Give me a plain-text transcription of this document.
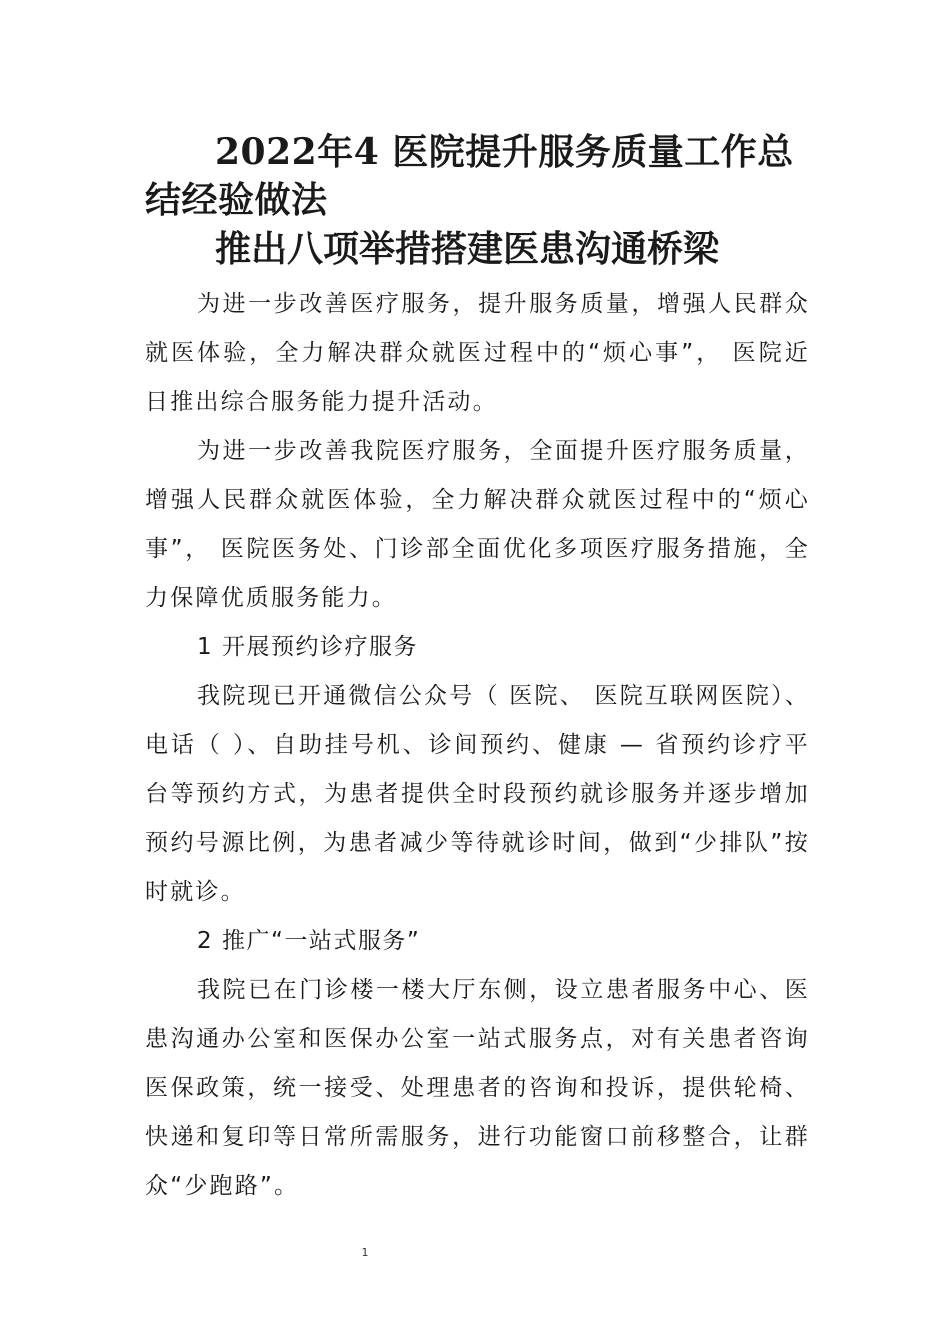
2022年4 医院提升服务质量工作总结经验做法
推出八项举措搭建医患沟通桥梁

为进一步改善医疗服务，提升服务质量，增强人民群众就医体验，全力解决群众就医过程中的“烦心事”， 医院近日推出综合服务能力提升活动。

为进一步改善我院医疗服务，全面提升医疗服务质量，增强人民群众就医体验，全力解决群众就医过程中的“烦心事”， 医院医务处、门诊部全面优化多项医疗服务措施，全力保障优质服务能力。

1 开展预约诊疗服务

我院现已开通微信公众号（ 医院、 医院互联网医院）、电话（ ）、自助挂号机、诊间预约、健康 — 省预约诊疗平台等预约方式，为患者提供全时段预约就诊服务并逐步增加预约号源比例，为患者减少等待就诊时间，做到“少排队”按时就诊。

2 推广“一站式服务”

我院已在门诊楼一楼大厅东侧，设立患者服务中心、医患沟通办公室和医保办公室一站式服务点，对有关患者咨询医保政策，统一接受、处理患者的咨询和投诉，提供轮椅、快递和复印等日常所需服务，进行功能窗口前移整合，让群众“少跑路”。

1
